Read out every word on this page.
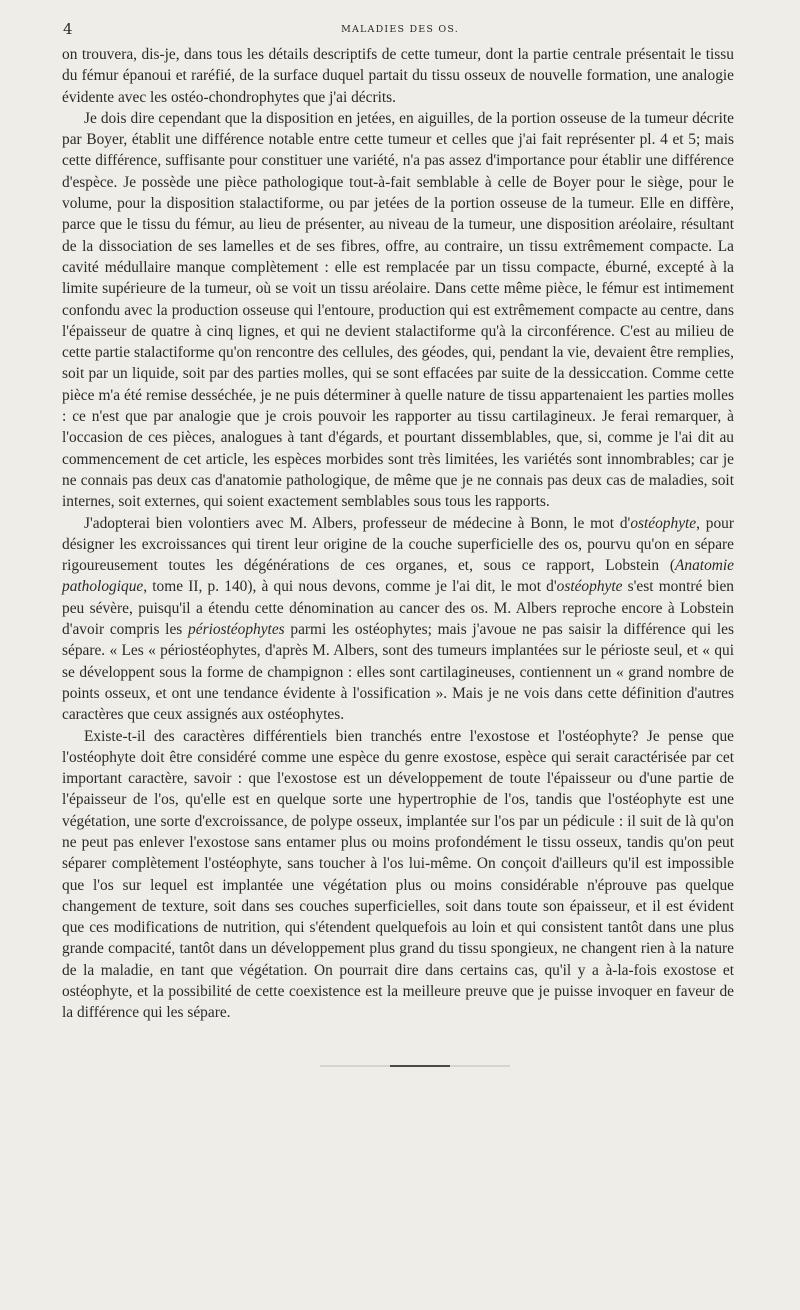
4	MALADIES DES OS.

on trouvera, dis-je, dans tous les détails descriptifs de cette tumeur, dont la partie centrale présentait le tissu du fémur épanoui et raréfié, de la surface duquel partait du tissu osseux de nouvelle formation, une analogie évidente avec les ostéo-chondrophytes que j'ai décrits.

Je dois dire cependant que la disposition en jetées, en aiguilles, de la portion osseuse de la tumeur décrite par Boyer, établit une différence notable entre cette tumeur et celles que j'ai fait représenter pl. 4 et 5; mais cette différence, suffisante pour constituer une variété, n'a pas assez d'importance pour établir une différence d'espèce. Je possède une pièce pathologique tout-à-fait semblable à celle de Boyer pour le siège, pour le volume, pour la disposition stalactiforme, ou par jetées de la portion osseuse de la tumeur. Elle en diffère, parce que le tissu du fémur, au lieu de présenter, au niveau de la tumeur, une disposition aréolaire, résultant de la dissociation de ses lamelles et de ses fibres, offre, au contraire, un tissu extrêmement compacte. La cavité médullaire manque complètement : elle est remplacée par un tissu compacte, éburné, excepté à la limite supérieure de la tumeur, où se voit un tissu aréolaire. Dans cette même pièce, le fémur est intimement confondu avec la production osseuse qui l'entoure, production qui est extrêmement compacte au centre, dans l'épaisseur de quatre à cinq lignes, et qui ne devient stalactiforme qu'à la circonférence. C'est au milieu de cette partie stalactiforme qu'on rencontre des cellules, des géodes, qui, pendant la vie, devaient être remplies, soit par un liquide, soit par des parties molles, qui se sont effacées par suite de la dessiccation. Comme cette pièce m'a été remise desséchée, je ne puis déterminer à quelle nature de tissu appartenaient les parties molles : ce n'est que par analogie que je crois pouvoir les rapporter au tissu cartilagineux. Je ferai remarquer, à l'occasion de ces pièces, analogues à tant d'égards, et pourtant dissemblables, que, si, comme je l'ai dit au commencement de cet article, les espèces morbides sont très limitées, les variétés sont innombrables; car je ne connais pas deux cas d'anatomie pathologique, de même que je ne connais pas deux cas de maladies, soit internes, soit externes, qui soient exactement semblables sous tous les rapports.

J'adopterai bien volontiers avec M. Albers, professeur de médecine à Bonn, le mot d'ostéophyte, pour désigner les excroissances qui tirent leur origine de la couche superficielle des os, pourvu qu'on en sépare rigoureusement toutes les dégénérations de ces organes, et, sous ce rapport, Lobstein (Anatomie pathologique, tome II, p. 140), à qui nous devons, comme je l'ai dit, le mot d'ostéophyte s'est montré bien peu sévère, puisqu'il a étendu cette dénomination au cancer des os. M. Albers reproche encore à Lobstein d'avoir compris les périostéophytes parmi les ostéophytes; mais j'avoue ne pas saisir la différence qui les sépare. « Les « périostéophytes, d'après M. Albers, sont des tumeurs implantées sur le périoste seul, et « qui se développent sous la forme de champignon : elles sont cartilagineuses, contiennent un « grand nombre de points osseux, et ont une tendance évidente à l'ossification ». Mais je ne vois dans cette définition d'autres caractères que ceux assignés aux ostéophytes.

Existe-t-il des caractères différentiels bien tranchés entre l'exostose et l'ostéophyte? Je pense que l'ostéophyte doit être considéré comme une espèce du genre exostose, espèce qui serait caractérisée par cet important caractère, savoir : que l'exostose est un développement de toute l'épaisseur ou d'une partie de l'épaisseur de l'os, qu'elle est en quelque sorte une hypertrophie de l'os, tandis que l'ostéophyte est une végétation, une sorte d'excroissance, de polype osseux, implantée sur l'os par un pédicule : il suit de là qu'on ne peut pas enlever l'exostose sans entamer plus ou moins profondément le tissu osseux, tandis qu'on peut séparer complètement l'ostéophyte, sans toucher à l'os lui-même. On conçoit d'ailleurs qu'il est impossible que l'os sur lequel est implantée une végétation plus ou moins considérable n'éprouve pas quelque changement de texture, soit dans ses couches superficielles, soit dans toute son épaisseur, et il est évident que ces modifications de nutrition, qui s'étendent quelquefois au loin et qui consistent tantôt dans une plus grande compacité, tantôt dans un développement plus grand du tissu spongieux, ne changent rien à la nature de la maladie, en tant que végétation. On pourrait dire dans certains cas, qu'il y a à-la-fois exostose et ostéophyte, et la possibilité de cette coexistence est la meilleure preuve que je puisse invoquer en faveur de la différence qui les sépare.
